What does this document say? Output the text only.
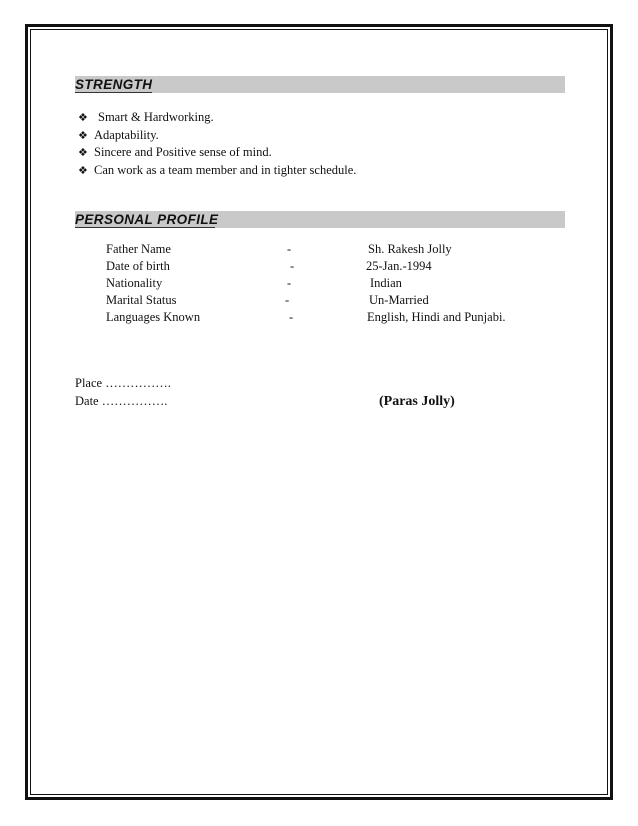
STRENGTH
❖ Smart & Hardworking.
❖ Adaptability.
❖ Sincere and Positive sense of mind.
❖ Can work as a team member and in tighter schedule.
PERSONAL PROFILE
Father Name	-	Sh. Rakesh Jolly
Date of birth	-	25-Jan.-1994
Nationality	-	Indian
Marital Status	-	Un-Married
Languages Known	-	English, Hindi and Punjabi.
Place …………….
Date …………….	(Paras Jolly)
